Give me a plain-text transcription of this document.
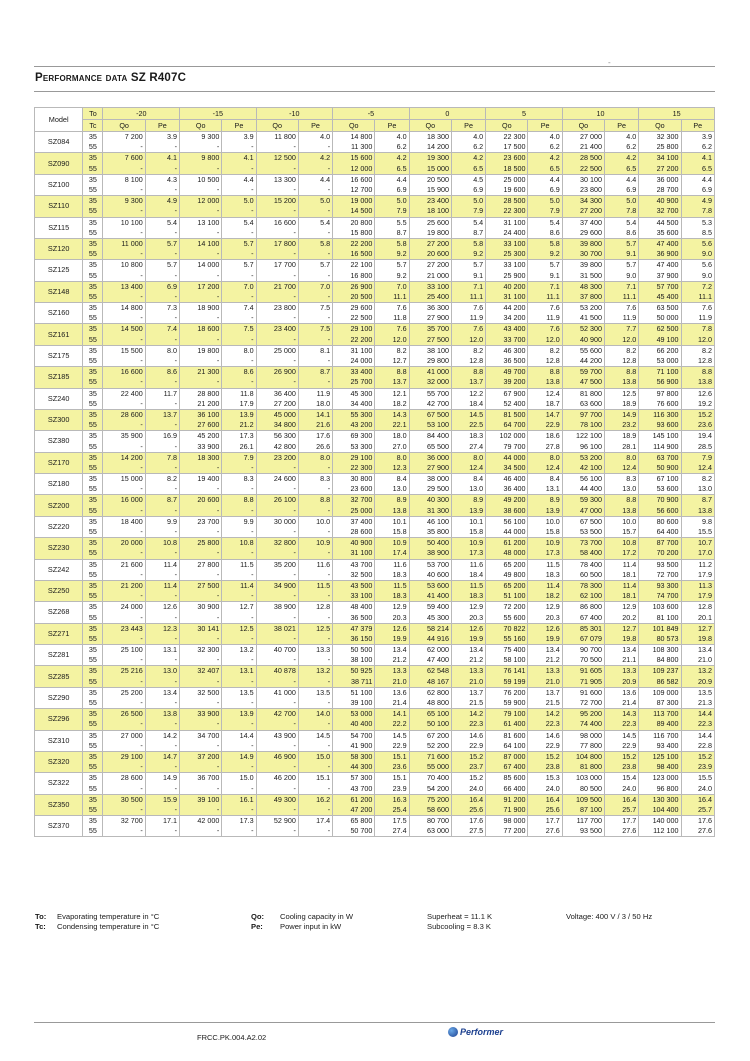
-
Performance data SZ R407C
Model	To	-20		-15		-10		-5		0		5		10		15	
	Tc	Qo	Pe	Qo	Pe	Qo	Pe	Qo	Pe	Qo	Pe	Qo	Pe	Qo	Pe	Qo	Pe
SZ084	35	7 200	3.9	9 300	3.9	11 800	4.0	14 800	4.0	18 300	4.0	22 300	4.0	27 000	4.0	32 300	3.9
	55	-	-	-	-	-	-	11 300	6.2	14 200	6.2	17 500	6.2	21 400	6.2	25 800	6.2
SZ090	35	7 600	4.1	9 800	4.1	12 500	4.2	15 600	4.2	19 300	4.2	23 600	4.2	28 500	4.2	34 100	4.1
	55	-	-	-	-	-	-	12 000	6.5	15 000	6.5	18 500	6.5	22 500	6.5	27 200	6.5
SZ100	35	8 100	4.3	10 500	4.4	13 300	4.4	16 600	4.4	20 500	4.5	25 000	4.4	30 100	4.4	36 000	4.4
	55	-	-	-	-	-	-	12 700	6.9	15 900	6.9	19 600	6.9	23 800	6.9	28 700	6.9
SZ110	35	9 300	4.9	12 000	5.0	15 200	5.0	19 000	5.0	23 400	5.0	28 500	5.0	34 300	5.0	40 900	4.9
	55	-	-	-	-	-	-	14 500	7.9	18 100	7.9	22 300	7.9	27 200	7.8	32 700	7.8
SZ115	35	10 100	5.4	13 100	5.4	16 600	5.4	20 800	5.5	25 600	5.4	31 100	5.4	37 400	5.4	44 500	5.3
	55	-	-	-	-	-	-	15 800	8.7	19 800	8.7	24 400	8.6	29 600	8.6	35 600	8.5
SZ120	35	11 000	5.7	14 100	5.7	17 800	5.8	22 200	5.8	27 200	5.8	33 100	5.8	39 800	5.7	47 400	5.6
	55	-	-	-	-	-	-	16 500	9.2	20 600	9.2	25 300	9.2	30 700	9.1	36 900	9.0
SZ125	35	10 800	5.7	14 000	5.7	17 700	5.7	22 100	5.7	27 200	5.7	33 100	5.7	39 800	5.7	47 400	5.6
	55	-	-	-	-	-	-	16 800	9.2	21 000	9.1	25 900	9.1	31 500	9.0	37 900	9.0
SZ148	35	13 400	6.9	17 200	7.0	21 700	7.0	26 900	7.0	33 100	7.1	40 200	7.1	48 300	7.1	57 700	7.2
	55	-	-	-	-	-	-	20 500	11.1	25 400	11.1	31 100	11.1	37 800	11.1	45 400	11.1
SZ160	35	14 800	7.3	18 900	7.4	23 800	7.5	29 600	7.6	36 300	7.6	44 200	7.6	53 200	7.6	63 500	7.6
	55	-	-	-	-	-	-	22 500	11.8	27 900	11.9	34 200	11.9	41 500	11.9	50 000	11.9
SZ161	35	14 500	7.4	18 600	7.5	23 400	7.5	29 100	7.6	35 700	7.6	43 400	7.6	52 300	7.7	62 500	7.8
	55	-	-	-	-	-	-	22 200	12.0	27 500	12.0	33 700	12.0	40 900	12.0	49 100	12.0
SZ175	35	15 500	8.0	19 800	8.0	25 000	8.1	31 100	8.2	38 100	8.2	46 300	8.2	55 600	8.2	66 200	8.2
	55	-	-	-	-	-	-	24 000	12.7	29 800	12.8	36 500	12.8	44 200	12.8	53 000	12.8
SZ185	35	16 600	8.6	21 300	8.6	26 900	8.7	33 400	8.8	41 000	8.8	49 700	8.8	59 700	8.8	71 100	8.8
	55	-	-	-	-	-	-	25 700	13.7	32 000	13.7	39 200	13.8	47 500	13.8	56 900	13.8
SZ240	35	22 400	11.7	28 800	11.8	36 400	11.9	45 300	12.1	55 700	12.2	67 900	12.4	81 800	12.5	97 800	12.6
	55	-	-	21 200	17.9	27 200	18.0	34 400	18.2	42 700	18.4	52 400	18.7	63 600	18.9	76 600	19.2
SZ300	35	28 600	13.7	36 100	13.9	45 000	14.1	55 300	14.3	67 500	14.5	81 500	14.7	97 700	14.9	116 300	15.2
	55	-	-	27 600	21.2	34 800	21.6	43 200	22.1	53 100	22.5	64 700	22.9	78 100	23.2	93 600	23.6
SZ380	35	35 900	16.9	45 200	17.3	56 300	17.6	69 300	18.0	84 400	18.3	102 000	18.6	122 100	18.9	145 100	19.4
	55	-	-	33 900	26.1	42 800	26.6	53 300	27.0	65 500	27.4	79 700	27.8	96 100	28.1	114 900	28.5
SZ170	35	14 200	7.8	18 300	7.9	23 200	8.0	29 100	8.0	36 000	8.0	44 000	8.0	53 200	8.0	63 700	7.9
	55	-	-	-	-	-	-	22 300	12.3	27 900	12.4	34 500	12.4	42 100	12.4	50 900	12.4
SZ180	35	15 000	8.2	19 400	8.3	24 600	8.3	30 800	8.4	38 000	8.4	46 400	8.4	56 100	8.3	67 100	8.2
	55	-	-	-	-	-	-	23 600	13.0	29 500	13.0	36 400	13.1	44 400	13.0	53 600	13.0
SZ200	35	16 000	8.7	20 600	8.8	26 100	8.8	32 700	8.9	40 300	8.9	49 200	8.9	59 300	8.8	70 900	8.7
	55	-	-	-	-	-	-	25 000	13.8	31 300	13.9	38 600	13.9	47 000	13.8	56 600	13.8
SZ220	35	18 400	9.9	23 700	9.9	30 000	10.0	37 400	10.1	46 100	10.1	56 100	10.0	67 500	10.0	80 600	9.8
	55	-	-	-	-	-	-	28 600	15.8	35 800	15.8	44 000	15.8	53 500	15.7	64 400	15.5
SZ230	35	20 000	10.8	25 800	10.8	32 800	10.9	40 900	10.9	50 400	10.9	61 200	10.9	73 700	10.8	87 700	10.7
	55	-	-	-	-	-	-	31 100	17.4	38 900	17.3	48 000	17.3	58 400	17.2	70 200	17.0
SZ242	35	21 600	11.4	27 800	11.5	35 200	11.6	43 700	11.6	53 700	11.6	65 200	11.5	78 400	11.4	93 500	11.2
	55	-	-	-	-	-	-	32 500	18.3	40 600	18.4	49 800	18.3	60 500	18.1	72 700	17.9
SZ250	35	21 200	11.4	27 500	11.4	34 900	11.5	43 500	11.5	53 600	11.5	65 200	11.4	78 300	11.4	93 300	11.3
	55	-	-	-	-	-	-	33 100	18.3	41 400	18.3	51 100	18.2	62 100	18.1	74 700	17.9
SZ268	35	24 000	12.6	30 900	12.7	38 900	12.8	48 400	12.9	59 400	12.9	72 200	12.9	86 800	12.9	103 600	12.8
	55	-	-	-	-	-	-	36 500	20.3	45 300	20.3	55 600	20.3	67 400	20.2	81 100	20.1
SZ271	35	23 443	12.3	30 141	12.5	38 021	12.5	47 379	12.6	58 214	12.6	70 822	12.6	85 301	12.7	101 849	12.7
	55	-	-	-	-	-	-	36 150	19.9	44 916	19.9	55 160	19.9	67 079	19.8	80 573	19.8
SZ281	35	25 100	13.1	32 300	13.2	40 700	13.3	50 500	13.4	62 000	13.4	75 400	13.4	90 700	13.4	108 300	13.4
	55	-	-	-	-	-	-	38 100	21.2	47 400	21.2	58 100	21.2	70 500	21.1	84 800	21.0
SZ285	35	25 216	13.0	32 407	13.1	40 878	13.2	50 925	13.3	62 548	13.3	76 141	13.3	91 605	13.3	109 237	13.2
	55	-	-	-	-	-	-	38 711	21.0	48 167	21.0	59 199	21.0	71 905	20.9	86 582	20.9
SZ290	35	25 200	13.4	32 500	13.5	41 000	13.5	51 100	13.6	62 800	13.7	76 200	13.7	91 600	13.6	109 000	13.5
	55	-	-	-	-	-	-	39 100	21.4	48 800	21.5	59 900	21.5	72 700	21.4	87 300	21.3
SZ296	35	26 500	13.8	33 900	13.9	42 700	14.0	53 000	14.1	65 100	14.2	79 100	14.2	95 200	14.3	113 700	14.4
	55	-	-	-	-	-	-	40 400	22.2	50 100	22.3	61 400	22.3	74 400	22.3	89 400	22.3
SZ310	35	27 000	14.2	34 700	14.4	43 900	14.5	54 700	14.5	67 200	14.6	81 600	14.6	98 000	14.5	116 700	14.4
	55	-	-	-	-	-	-	41 900	22.9	52 200	22.9	64 100	22.9	77 800	22.9	93 400	22.8
SZ320	35	29 100	14.7	37 200	14.9	46 900	15.0	58 300	15.1	71 600	15.2	87 000	15.2	104 800	15.2	125 100	15.2
	55	-	-	-	-	-	-	44 300	23.6	55 000	23.7	67 400	23.8	81 800	23.8	98 400	23.9
SZ322	35	28 600	14.9	36 700	15.0	46 200	15.1	57 300	15.1	70 400	15.2	85 600	15.3	103 000	15.4	123 000	15.5
	55	-	-	-	-	-	-	43 700	23.9	54 200	24.0	66 400	24.0	80 500	24.0	96 800	24.0
SZ350	35	30 500	15.9	39 100	16.1	49 300	16.2	61 200	16.3	75 200	16.4	91 200	16.4	109 500	16.4	130 300	16.4
	55	-	-	-	-	-	-	47 200	25.4	58 600	25.6	71 900	25.6	87 100	25.7	104 400	25.7
SZ370	35	32 700	17.1	42 000	17.3	52 900	17.4	65 800	17.5	80 700	17.6	98 000	17.7	117 700	17.7	140 000	17.6
	55	-	-	-	-	-	-	50 700	27.4	63 000	27.5	77 200	27.6	93 500	27.6	112 100	27.6
To: Evaporating temperature in °C
Tc: Condensing temperature in °C
Qo: Cooling capacity in W
Pe: Power input in kW
Superheat = 11.1 K
Subcooling = 8.3 K
Voltage: 400 V / 3 / 50 Hz
FRCC.PK.004.A2.02
Performer
